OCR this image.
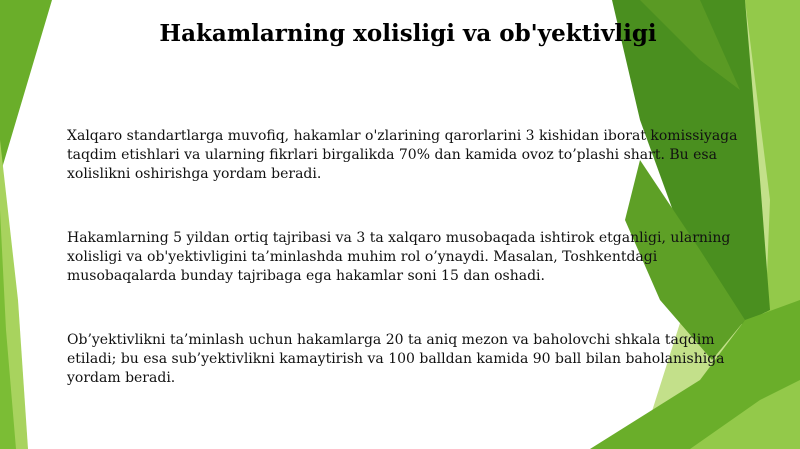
Hakamlarning xolisligi va ob'yektivligi

Xalqaro standartlarga muvofiq, hakamlar o'zlarining qarorlarini 3 kishidan iborat komissiyaga taqdim etishlari va ularning fikrlari birgalikda 70% dan kamida ovoz to’plashi shart. Bu esa xolislikni oshirishga yordam beradi.

Hakamlarning 5 yildan ortiq tajribasi va 3 ta xalqaro musobaqada ishtirok etganligi, ularning xolisligi va ob'yektivligini ta’minlashda muhim rol o’ynaydi. Masalan, Toshkentdagi musobaqalarda bunday tajribaga ega hakamlar soni 15 dan oshadi.

Ob’yektivlikni ta’minlash uchun hakamlarga 20 ta aniq mezon va baholovchi shkala taqdim etiladi; bu esa sub’yektivlikni kamaytirish va 100 balldan kamida 90 ball bilan baholanishiga yordam beradi.
